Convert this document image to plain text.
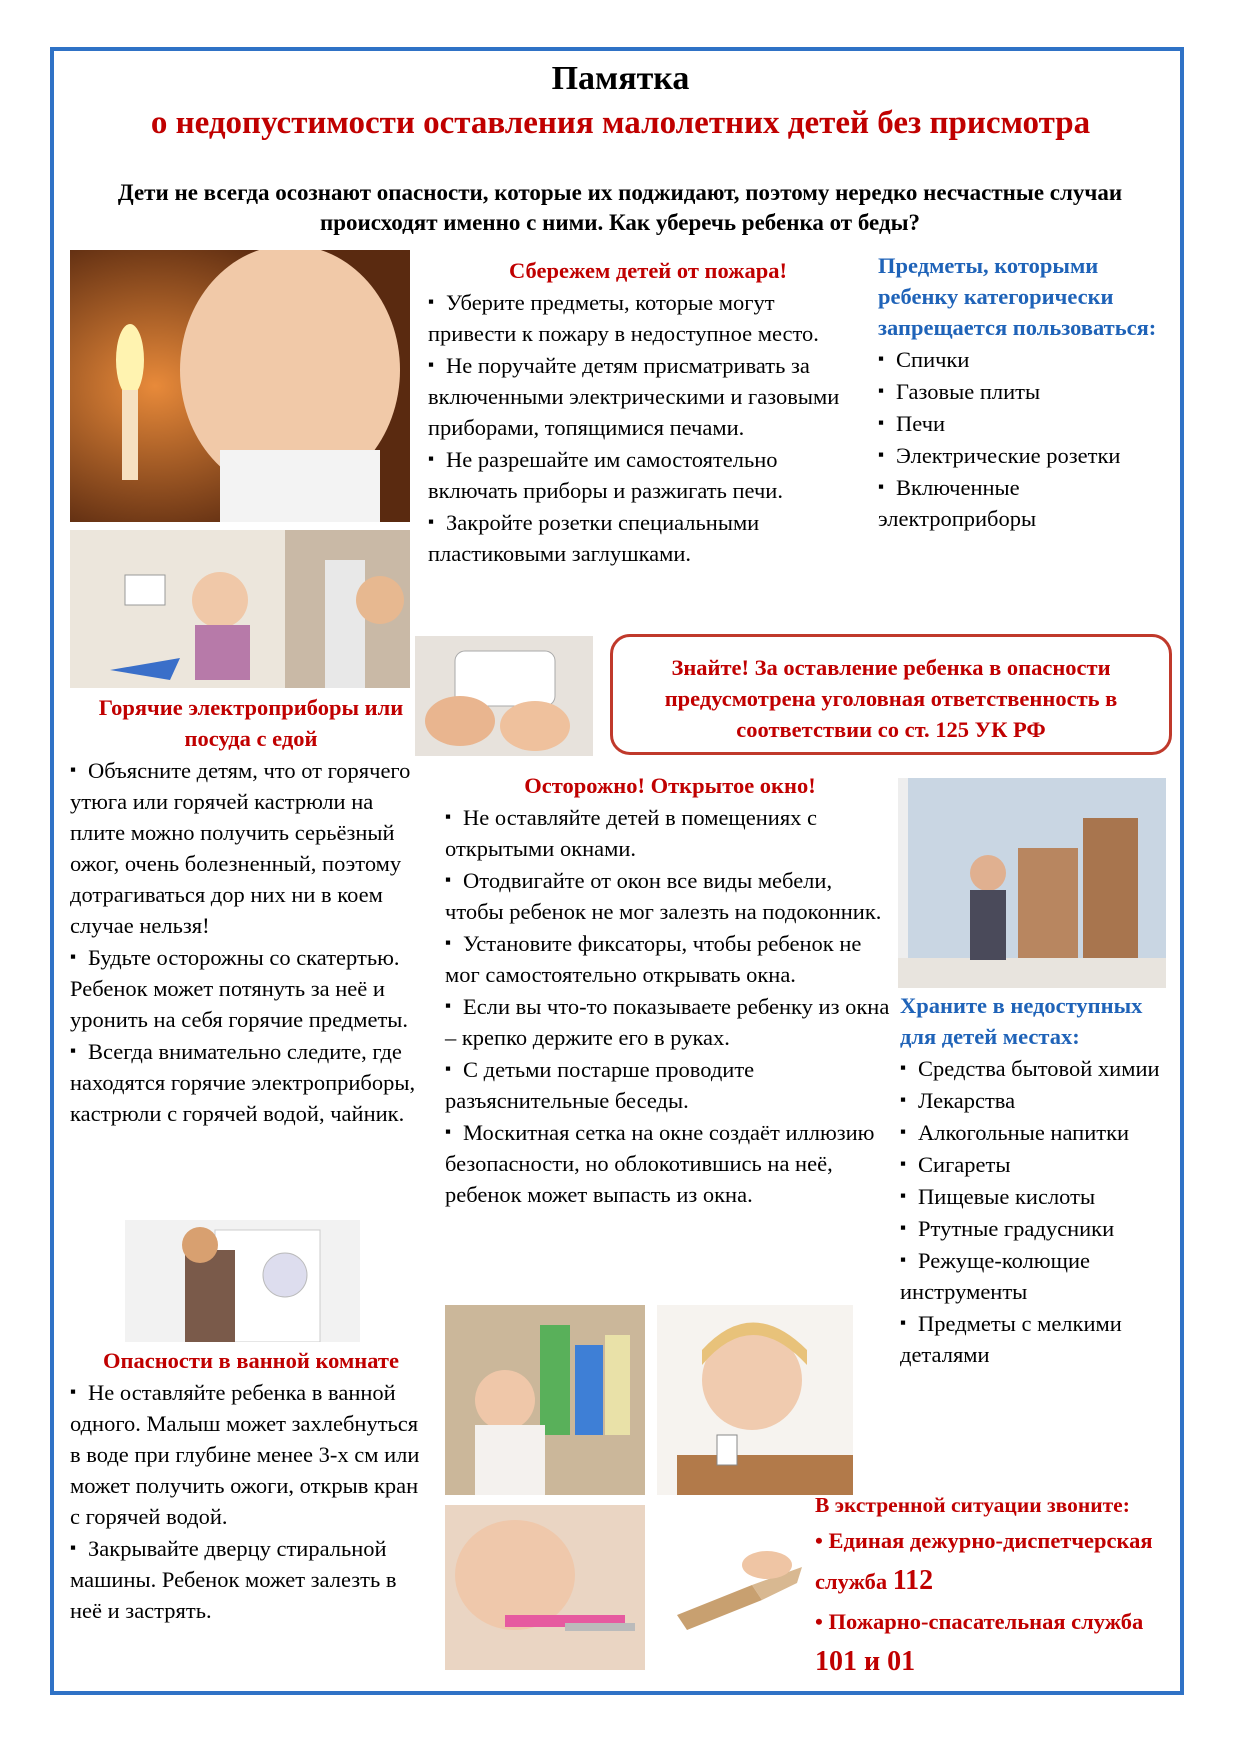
Памятка
о недопустимости оставления малолетних детей без присмотра
Дети не всегда осознают опасности, которые их поджидают, поэтому нередко несчастные случаи происходят именно с ними. Как уберечь ребенка от беды?

Горячие электроприборы или посуда с едой

▪ Объясните детям, что от горячего утюга или горячей кастрюли на плите можно получить серьёзный ожог, очень болезненный, поэтому дотрагиваться дор них ни в коем случае нельзя!

▪ Будьте осторожны со скатертью. Ребенок может потянуть за неё и уронить на себя горячие предметы.

▪ Всегда внимательно следите, где находятся горячие электроприборы, кастрюли с горячей водой, чайник.

Опасности в ванной комнате

▪ Не оставляйте ребенка в ванной одного. Малыш может захлебнуться в воде при глубине менее 3-х см или может получить ожоги, открыв кран с горячей водой.

▪ Закрывайте дверцу стиральной машины. Ребенок может залезть в неё и застрять.

Сбережем детей от пожара!

▪ Уберите предметы, которые могут привести к пожару в недоступное место.

▪ Не поручайте детям присматривать за включенными электрическими и газовыми приборами, топящимися печами.

▪ Не разрешайте им самостоятельно включать приборы и разжигать печи.

▪ Закройте розетки специальными пластиковыми заглушками.

Предметы, которыми ребенку категорически запрещается пользоваться:

▪ Спички

▪ Газовые плиты

▪ Печи

▪ Электрические розетки

▪ Включенные электроприборы

Знайте! За оставление ребенка в опасности предусмотрена уголовная ответственность в соответствии со ст. 125 УК РФ

Осторожно! Открытое окно!

▪ Не оставляйте детей в помещениях с открытыми окнами.

▪ Отодвигайте от окон все виды мебели, чтобы ребенок не мог залезть на подоконник.

▪ Установите фиксаторы, чтобы ребенок не мог самостоятельно открывать окна.

▪ Если вы что-то показываете ребенку из окна – крепко держите его в руках.

▪ С детьми постарше проводите разъяснительные беседы.

▪ Москитная сетка на окне создаёт иллюзию безопасности, но облокотившись на неё, ребенок может выпасть из окна.

Храните в недоступных для детей местах:

▪ Средства бытовой химии

▪ Лекарства

▪ Алкогольные напитки

▪ Сигареты

▪ Пищевые кислоты

▪ Ртутные градусники

▪ Режуще-колющие инструменты

▪ Предметы с мелкими деталями

В экстренной ситуации звоните:
• Единая дежурно-диспетчерская служба 112
• Пожарно-спасательная служба 101 и 01
